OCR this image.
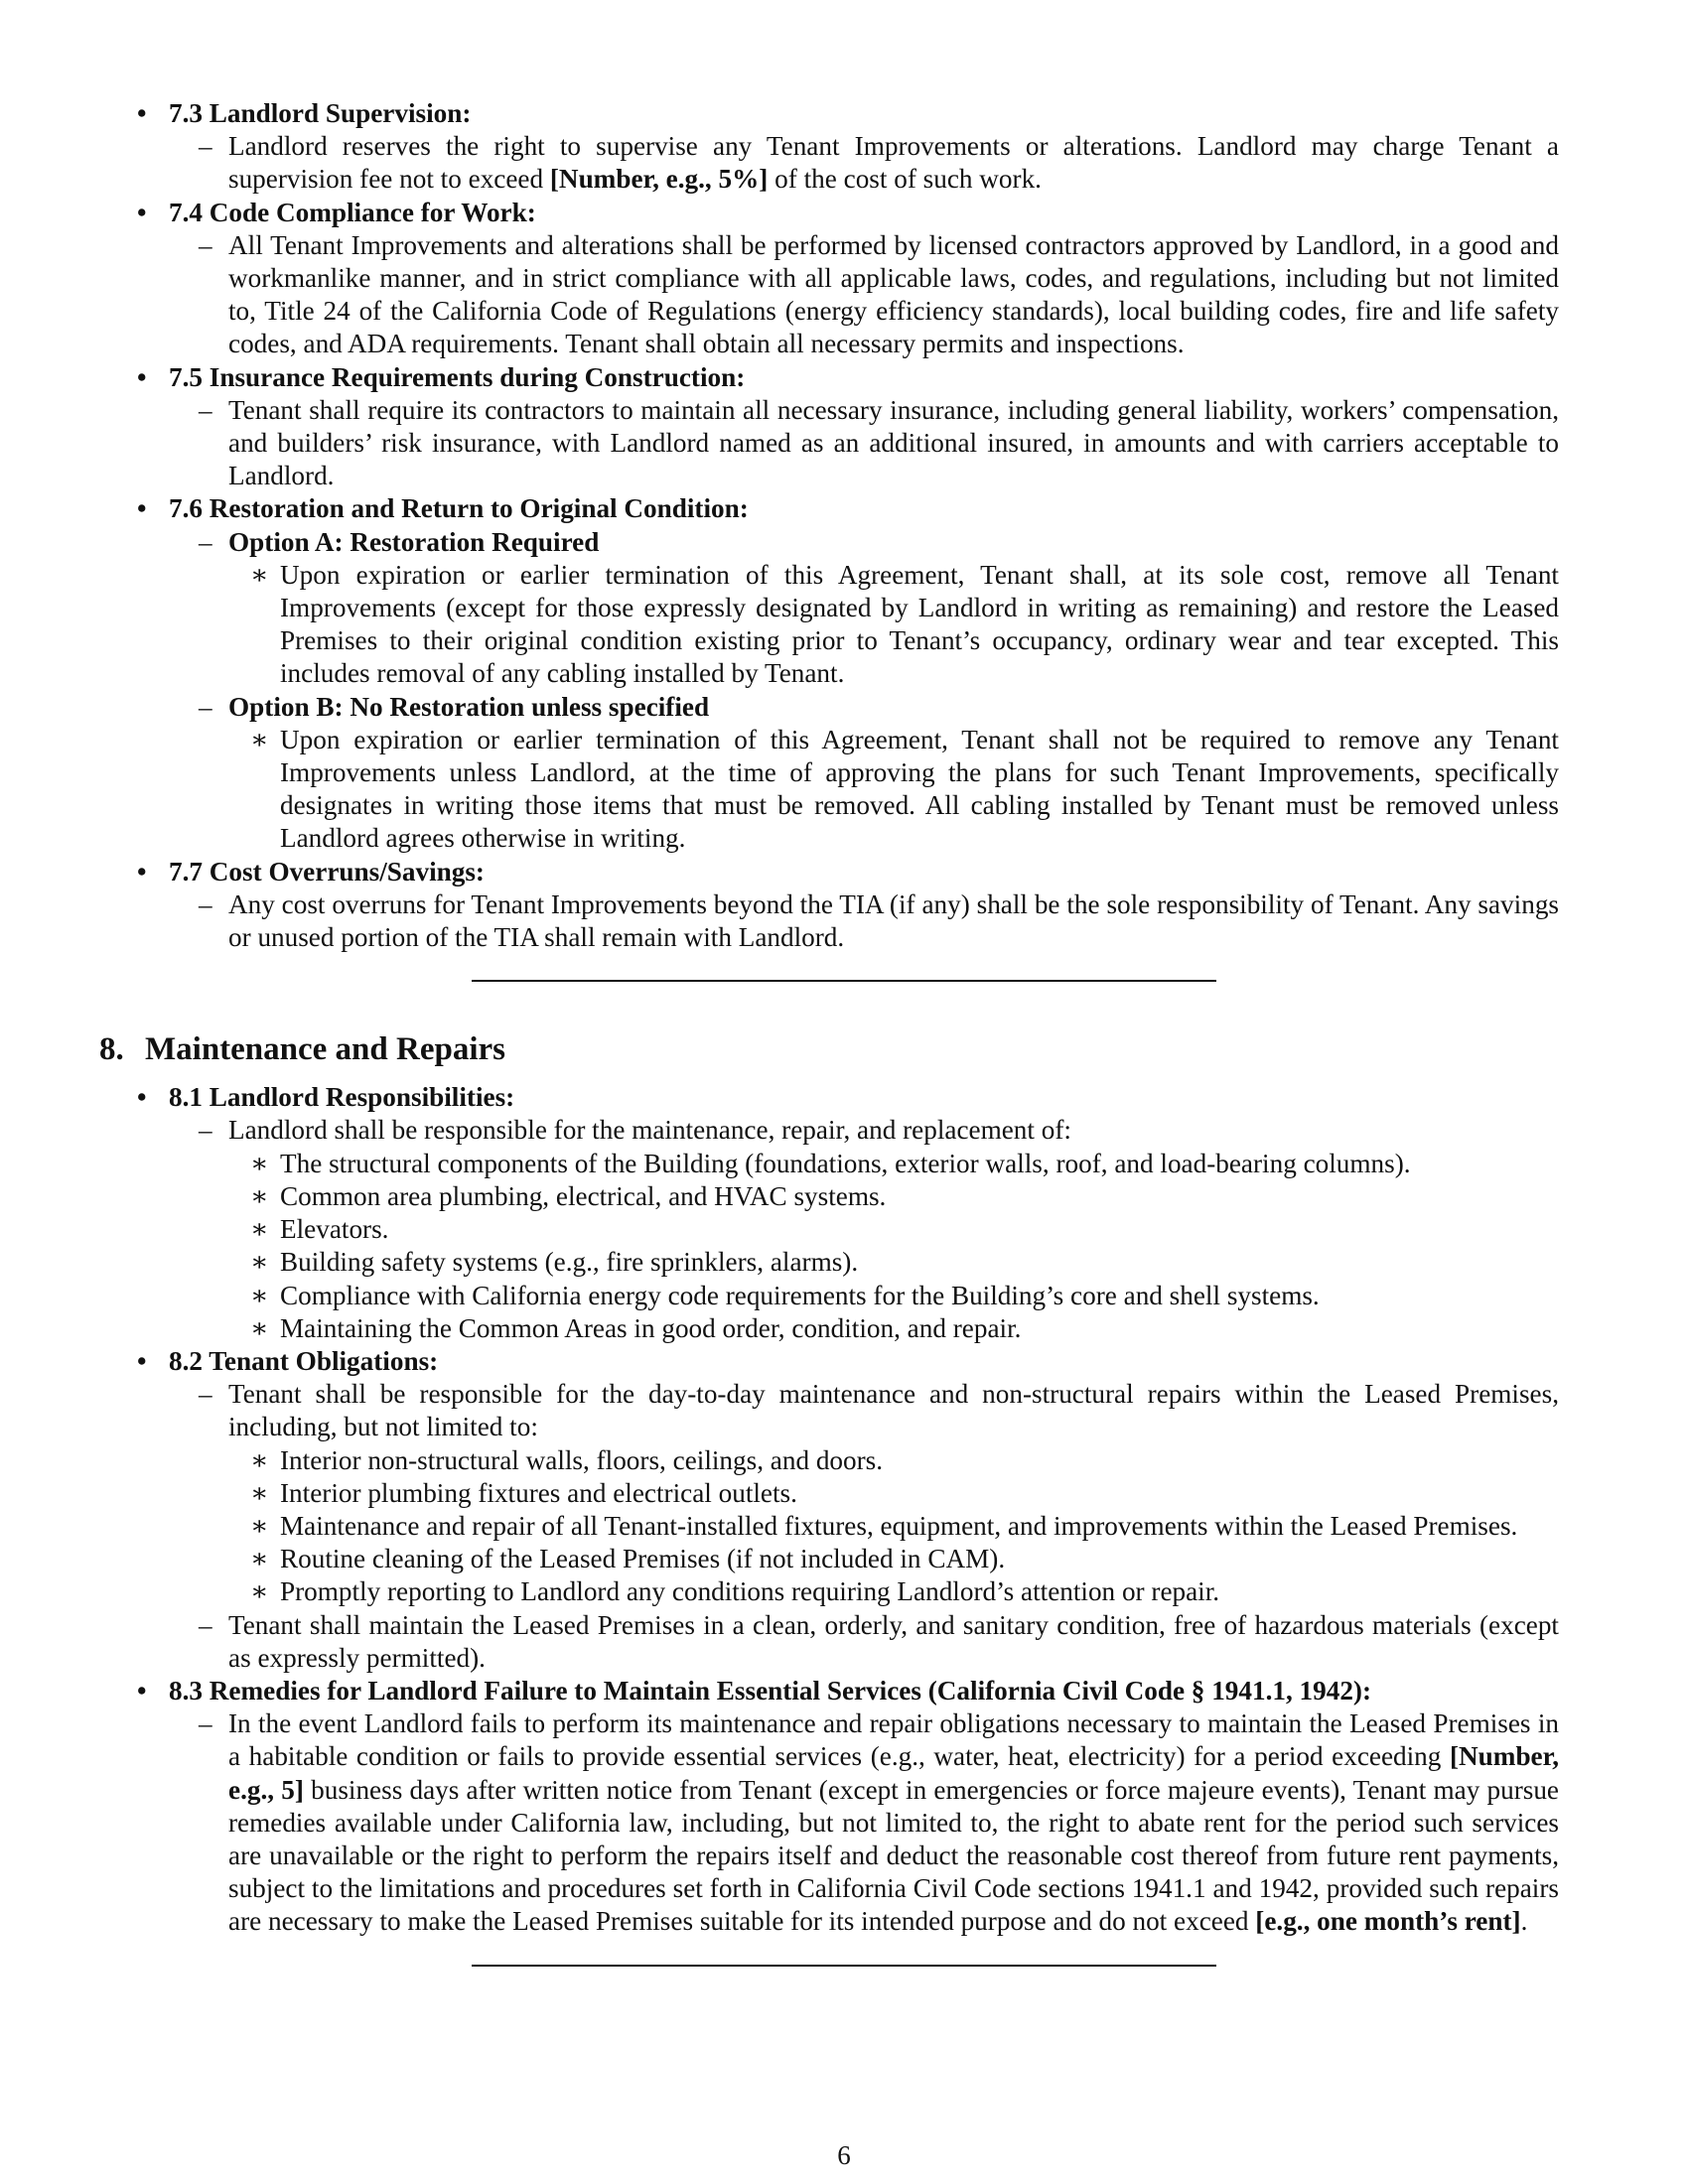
• 7.3 Landlord Supervision:
– Landlord reserves the right to supervise any Tenant Improvements or alterations. Landlord may charge Tenant a supervision fee not to exceed [Number, e.g., 5%] of the cost of such work.
• 7.4 Code Compliance for Work:
– All Tenant Improvements and alterations shall be performed by licensed contractors approved by Landlord, in a good and workmanlike manner, and in strict compliance with all applicable laws, codes, and regulations, including but not limited to, Title 24 of the California Code of Regulations (energy efficiency standards), local building codes, fire and life safety codes, and ADA requirements. Tenant shall obtain all necessary permits and inspections.
• 7.5 Insurance Requirements during Construction:
– Tenant shall require its contractors to maintain all necessary insurance, including general liability, workers’ compensation, and builders’ risk insurance, with Landlord named as an additional insured, in amounts and with carriers acceptable to Landlord.
• 7.6 Restoration and Return to Original Condition:
– Option A: Restoration Required
∗ Upon expiration or earlier termination of this Agreement, Tenant shall, at its sole cost, remove all Tenant Improvements (except for those expressly designated by Landlord in writing as remaining) and restore the Leased Premises to their original condition existing prior to Tenant’s occupancy, ordinary wear and tear excepted. This includes removal of any cabling installed by Tenant.
– Option B: No Restoration unless specified
∗ Upon expiration or earlier termination of this Agreement, Tenant shall not be required to remove any Tenant Improvements unless Landlord, at the time of approving the plans for such Tenant Improvements, specifically designates in writing those items that must be removed. All cabling installed by Tenant must be removed unless Landlord agrees otherwise in writing.
• 7.7 Cost Overruns/Savings:
– Any cost overruns for Tenant Improvements beyond the TIA (if any) shall be the sole responsibility of Tenant. Any savings or unused portion of the TIA shall remain with Landlord.
8. Maintenance and Repairs
• 8.1 Landlord Responsibilities:
– Landlord shall be responsible for the maintenance, repair, and replacement of:
∗ The structural components of the Building (foundations, exterior walls, roof, and load-bearing columns).
∗ Common area plumbing, electrical, and HVAC systems.
∗ Elevators.
∗ Building safety systems (e.g., fire sprinklers, alarms).
∗ Compliance with California energy code requirements for the Building’s core and shell systems.
∗ Maintaining the Common Areas in good order, condition, and repair.
• 8.2 Tenant Obligations:
– Tenant shall be responsible for the day-to-day maintenance and non-structural repairs within the Leased Premises, including, but not limited to:
∗ Interior non-structural walls, floors, ceilings, and doors.
∗ Interior plumbing fixtures and electrical outlets.
∗ Maintenance and repair of all Tenant-installed fixtures, equipment, and improvements within the Leased Premises.
∗ Routine cleaning of the Leased Premises (if not included in CAM).
∗ Promptly reporting to Landlord any conditions requiring Landlord’s attention or repair.
– Tenant shall maintain the Leased Premises in a clean, orderly, and sanitary condition, free of hazardous materials (except as expressly permitted).
• 8.3 Remedies for Landlord Failure to Maintain Essential Services (California Civil Code § 1941.1, 1942):
– In the event Landlord fails to perform its maintenance and repair obligations necessary to maintain the Leased Premises in a habitable condition or fails to provide essential services (e.g., water, heat, electricity) for a period exceeding [Number, e.g., 5] business days after written notice from Tenant (except in emergencies or force majeure events), Tenant may pursue remedies available under California law, including, but not limited to, the right to abate rent for the period such services are unavailable or the right to perform the repairs itself and deduct the reasonable cost thereof from future rent payments, subject to the limitations and procedures set forth in California Civil Code sections 1941.1 and 1942, provided such repairs are necessary to make the Leased Premises suitable for its intended purpose and do not exceed [e.g., one month’s rent].
6
